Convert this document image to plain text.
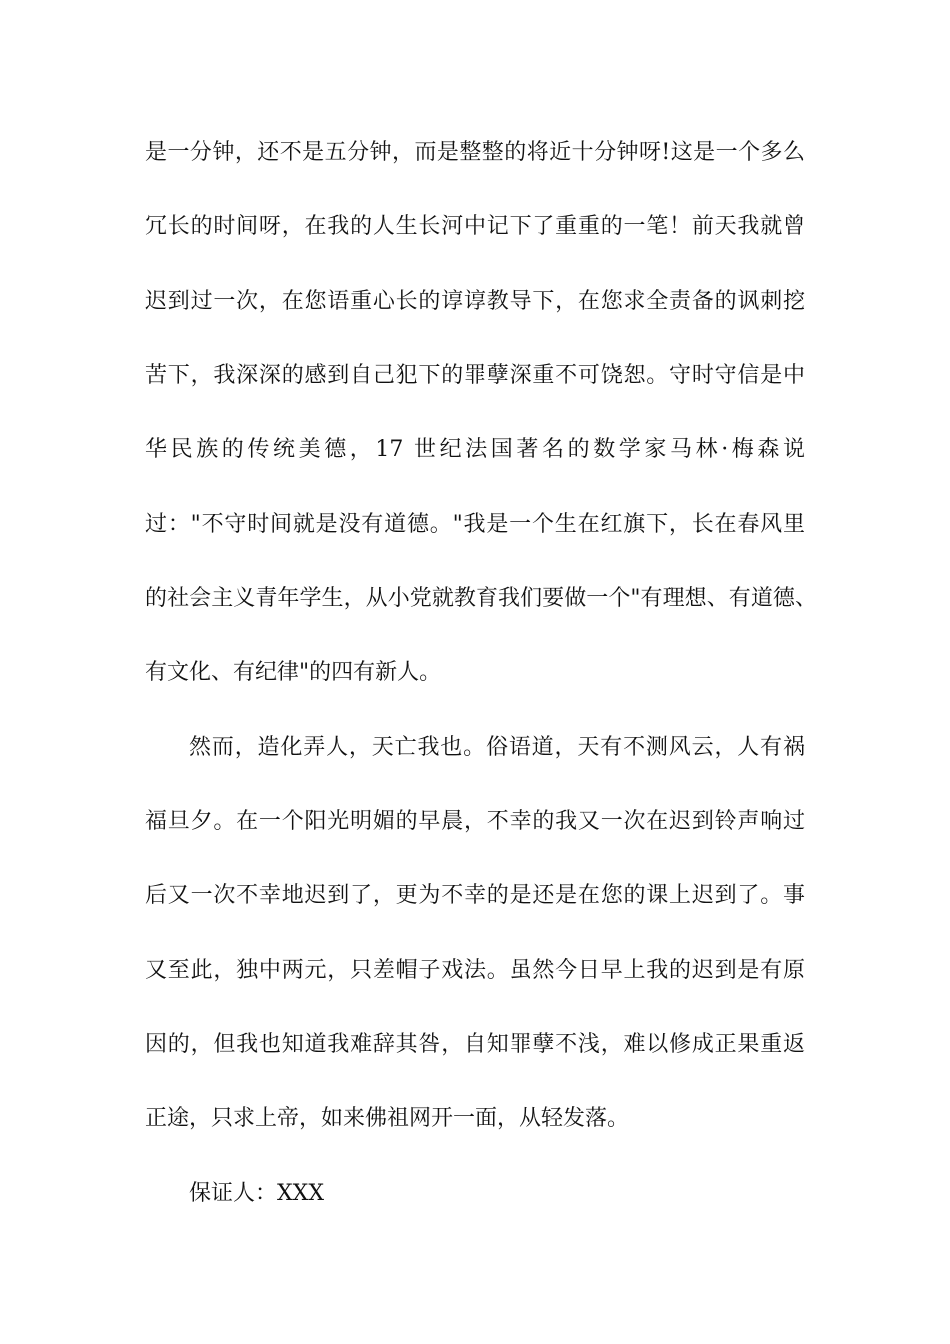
是一分钟，还不是五分钟，而是整整的将近十分钟呀!这是一个多么
冗长的时间呀，在我的人生长河中记下了重重的一笔！前天我就曾
迟到过一次，在您语重心长的谆谆教导下，在您求全责备的讽刺挖
苦下，我深深的感到自己犯下的罪孽深重不可饶恕。守时守信是中
华民族的传统美德，17 世纪法国著名的数学家马林·梅森说
过："不守时间就是没有道德。"我是一个生在红旗下，长在春风里
的社会主义青年学生，从小党就教育我们要做一个"有理想、有道德、
有文化、有纪律"的四有新人。
然而，造化弄人，天亡我也。俗语道，天有不测风云，人有祸
福旦夕。在一个阳光明媚的早晨，不幸的我又一次在迟到铃声响过
后又一次不幸地迟到了，更为不幸的是还是在您的课上迟到了。事
又至此，独中两元，只差帽子戏法。虽然今日早上我的迟到是有原
因的，但我也知道我难辞其咎，自知罪孽不浅，难以修成正果重返
正途，只求上帝，如来佛祖网开一面，从轻发落。
保证人：XXX
